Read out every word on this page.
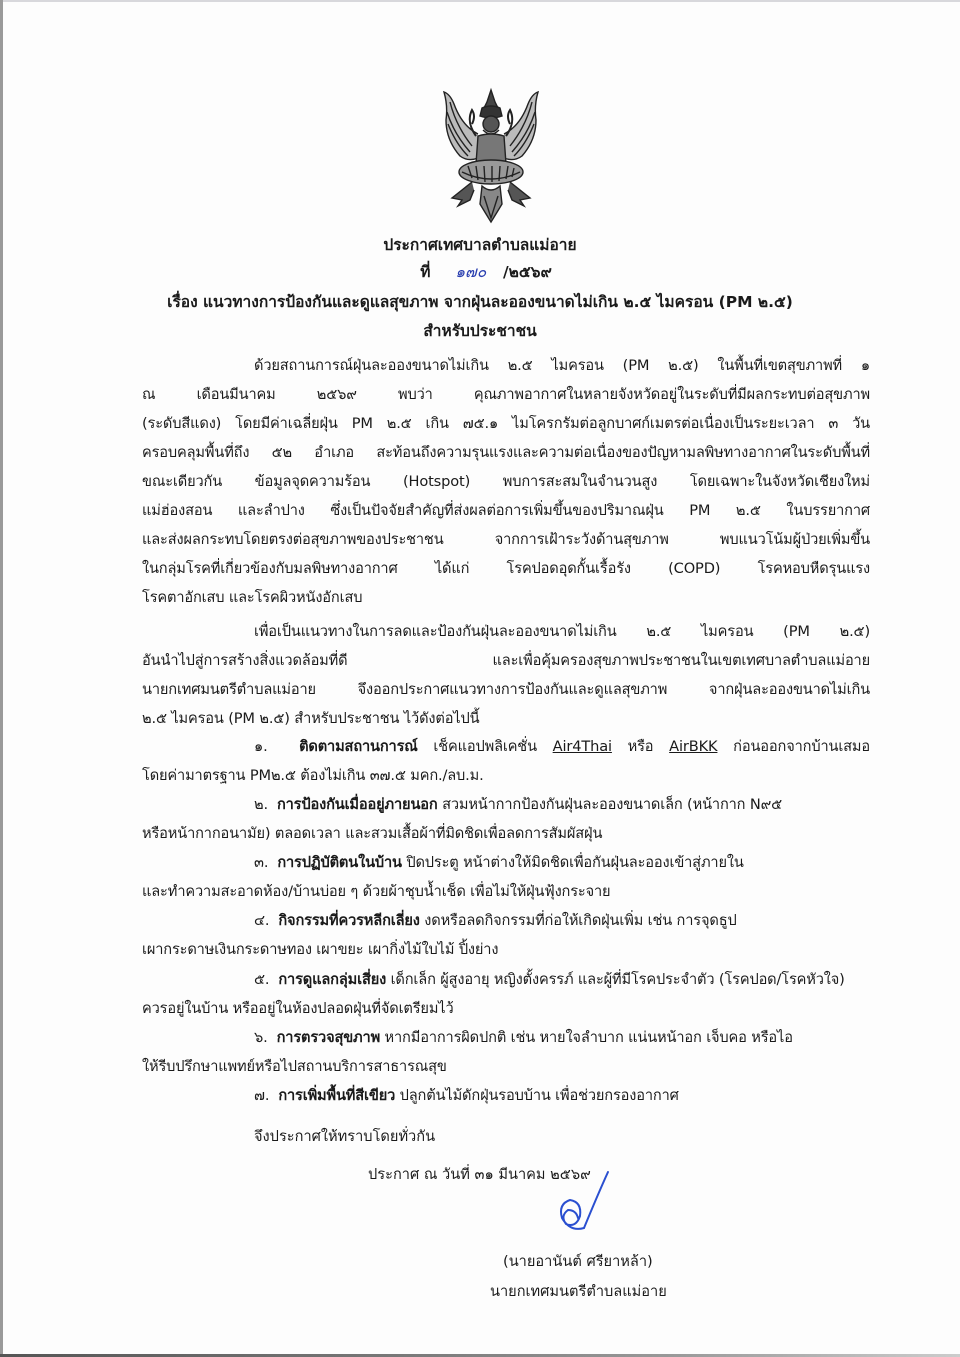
ประกาศเทศบาลตำบลแม่อาย
ที่ ๑๗๐ /๒๕๖๙
เรื่อง แนวทางการป้องกันและดูแลสุขภาพ จากฝุ่นละอองขนาดไม่เกิน ๒.๕ ไมครอน (PM ๒.๕)
สำหรับประชาชน
ด้วยสถานการณ์ฝุ่นละอองขนาดไม่เกิน ๒.๕ ไมครอน (PM ๒.๕) ในพื้นที่เขตสุขภาพที่ ๑
ณ เดือนมีนาคม ๒๕๖๙ พบว่า คุณภาพอากาศในหลายจังหวัดอยู่ในระดับที่มีผลกระทบต่อสุขภาพ
(ระดับสีแดง) โดยมีค่าเฉลี่ยฝุ่น PM ๒.๕ เกิน ๗๕.๑ ไมโครกรัมต่อลูกบาศก์เมตรต่อเนื่องเป็นระยะเวลา ๓ วัน
ครอบคลุมพื้นที่ถึง ๕๒ อำเภอ สะท้อนถึงความรุนแรงและความต่อเนื่องของปัญหามลพิษทางอากาศในระดับพื้นที่
ขณะเดียวกัน ข้อมูลจุดความร้อน (Hotspot) พบการสะสมในจำนวนสูง โดยเฉพาะในจังหวัดเชียงใหม่
แม่ฮ่องสอน และลำปาง ซึ่งเป็นปัจจัยสำคัญที่ส่งผลต่อการเพิ่มขึ้นของปริมาณฝุ่น PM ๒.๕ ในบรรยากาศ
และส่งผลกระทบโดยตรงต่อสุขภาพของประชาชน จากการเฝ้าระวังด้านสุขภาพ พบแนวโน้มผู้ป่วยเพิ่มขึ้น
ในกลุ่มโรคที่เกี่ยวข้องกับมลพิษทางอากาศ ได้แก่ โรคปอดอุดกั้นเรื้อรัง (COPD) โรคหอบหืดรุนแรง
โรคตาอักเสบ และโรคผิวหนังอักเสบ
เพื่อเป็นแนวทางในการลดและป้องกันฝุ่นละอองขนาดไม่เกิน ๒.๕ ไมครอน (PM ๒.๕)
อันนำไปสู่การสร้างสิ่งแวดล้อมที่ดี และเพื่อคุ้มครองสุขภาพประชาชนในเขตเทศบาลตำบลแม่อาย
นายกเทศมนตรีตำบลแม่อาย จึงออกประกาศแนวทางการป้องกันและดูแลสุขภาพ จากฝุ่นละอองขนาดไม่เกิน
๒.๕ ไมครอน (PM ๒.๕) สำหรับประชาชน ไว้ดังต่อไปนี้
๑. ติดตามสถานการณ์ เช็คแอปพลิเคชั่น Air4Thai หรือ AirBKK ก่อนออกจากบ้านเสมอ
โดยค่ามาตรฐาน PM๒.๕ ต้องไม่เกิน ๓๗.๕ มคก./ลบ.ม.
๒. การป้องกันเมื่ออยู่ภายนอก สวมหน้ากากป้องกันฝุ่นละอองขนาดเล็ก (หน้ากาก N๙๕
หรือหน้ากากอนามัย) ตลอดเวลา และสวมเสื้อผ้าที่มิดชิดเพื่อลดการสัมผัสฝุ่น
๓. การปฏิบัติตนในบ้าน ปิดประตู หน้าต่างให้มิดชิดเพื่อกันฝุ่นละอองเข้าสู่ภายใน
และทำความสะอาดห้อง/บ้านบ่อย ๆ ด้วยผ้าชุบน้ำเช็ด เพื่อไม่ให้ฝุ่นฟุ้งกระจาย
๔. กิจกรรมที่ควรหลีกเลี่ยง งดหรือลดกิจกรรมที่ก่อให้เกิดฝุ่นเพิ่ม เช่น การจุดธูป
เผากระดาษเงินกระดาษทอง เผาขยะ เผากิ่งไม้ใบไม้ ปิ้งย่าง
๕. การดูแลกลุ่มเสี่ยง เด็กเล็ก ผู้สูงอายุ หญิงตั้งครรภ์ และผู้ที่มีโรคประจำตัว (โรคปอด/โรคหัวใจ)
ควรอยู่ในบ้าน หรืออยู่ในห้องปลอดฝุ่นที่จัดเตรียมไว้
๖. การตรวจสุขภาพ หากมีอาการผิดปกติ เช่น หายใจลำบาก แน่นหน้าอก เจ็บคอ หรือไอ
ให้รีบปรึกษาแพทย์หรือไปสถานบริการสาธารณสุข
๗. การเพิ่มพื้นที่สีเขียว ปลูกต้นไม้ดักฝุ่นรอบบ้าน เพื่อช่วยกรองอากาศ
จึงประกาศให้ทราบโดยทั่วกัน
ประกาศ ณ วันที่ ๓๑ มีนาคม ๒๕๖๙
(นายอานันต์ ศรียาหล้า)
นายกเทศมนตรีตำบลแม่อาย
